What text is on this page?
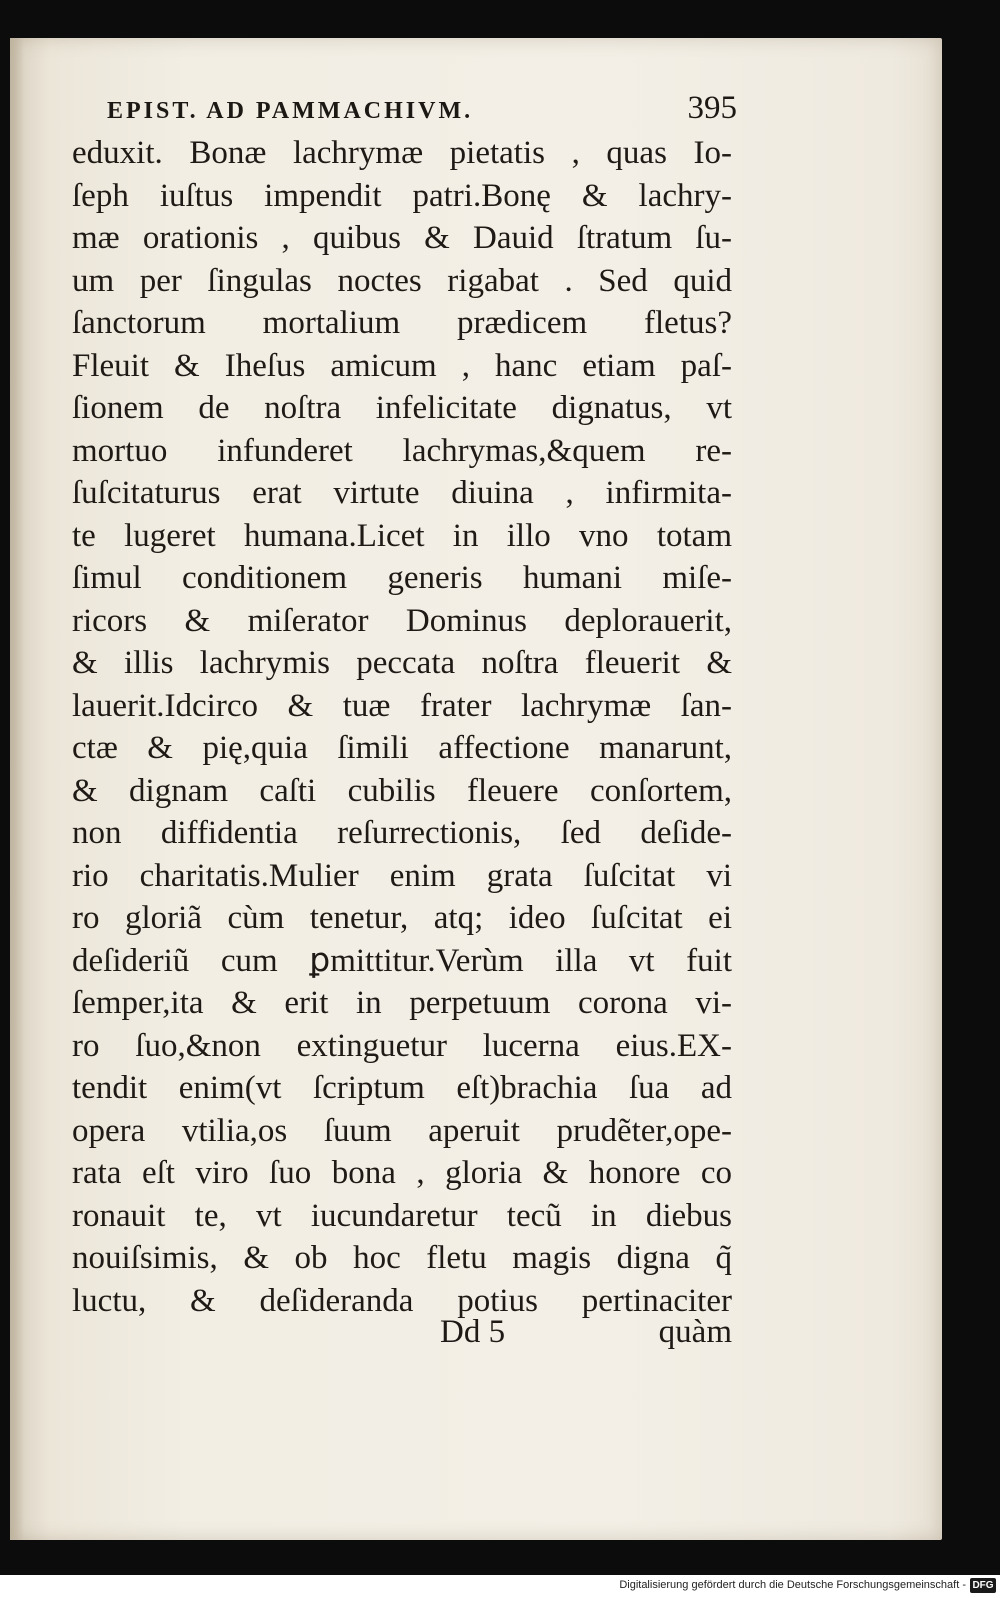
EPIST. AD PAMMACHIVM.	395
eduxit. Bonæ lachrymæ pietatis , quas Io-
ſeph iuſtus impendit patri.Bonę & lachry-
mæ orationis , quibus & Dauid ſtratum ſu-
um per ſingulas noctes rigabat . Sed quid
ſanctorum mortalium prædicem fletus?
Fleuit & Iheſus amicum , hanc etiam paſ-
ſionem de noſtra infelicitate dignatus, vt
mortuo infunderet lachrymas,&quem re-
ſuſcitaturus erat virtute diuina , infirmita-
te lugeret humana.Licet in illo vno totam
ſimul conditionem generis humani miſe-
ricors & miſerator Dominus deplorauerit,
& illis lachrymis peccata noſtra fleuerit &
lauerit.Idcirco & tuæ frater lachrymæ ſan-
ctæ & pię,quia ſimili affectione manarunt,
& dignam caſti cubilis fleuere conſortem,
non diffidentia reſurrectionis, ſed deſide-
rio charitatis.Mulier enim grata ſuſcitat vi
ro gloriã cùm tenetur, atq; ideo ſuſcitat ei
deſideriũ cum ꝑmittitur.Verùm illa vt fuit
ſemper,ita & erit in perpetuum corona vi-
ro ſuo,&non extinguetur lucerna eius.EX-
tendit enim(vt ſcriptum eſt)brachia ſua ad
opera vtilia,os ſuum aperuit prudẽter,ope-
rata eſt viro ſuo bona , gloria & honore co
ronauit te, vt iucundaretur tecũ in diebus
nouiſsimis, & ob hoc fletu magis digna q̃
luctu, & deſideranda potius pertinaciter
Dd 5	quàm
Digitalisierung gefördert durch die Deutsche Forschungsgemeinschaft - DFG
